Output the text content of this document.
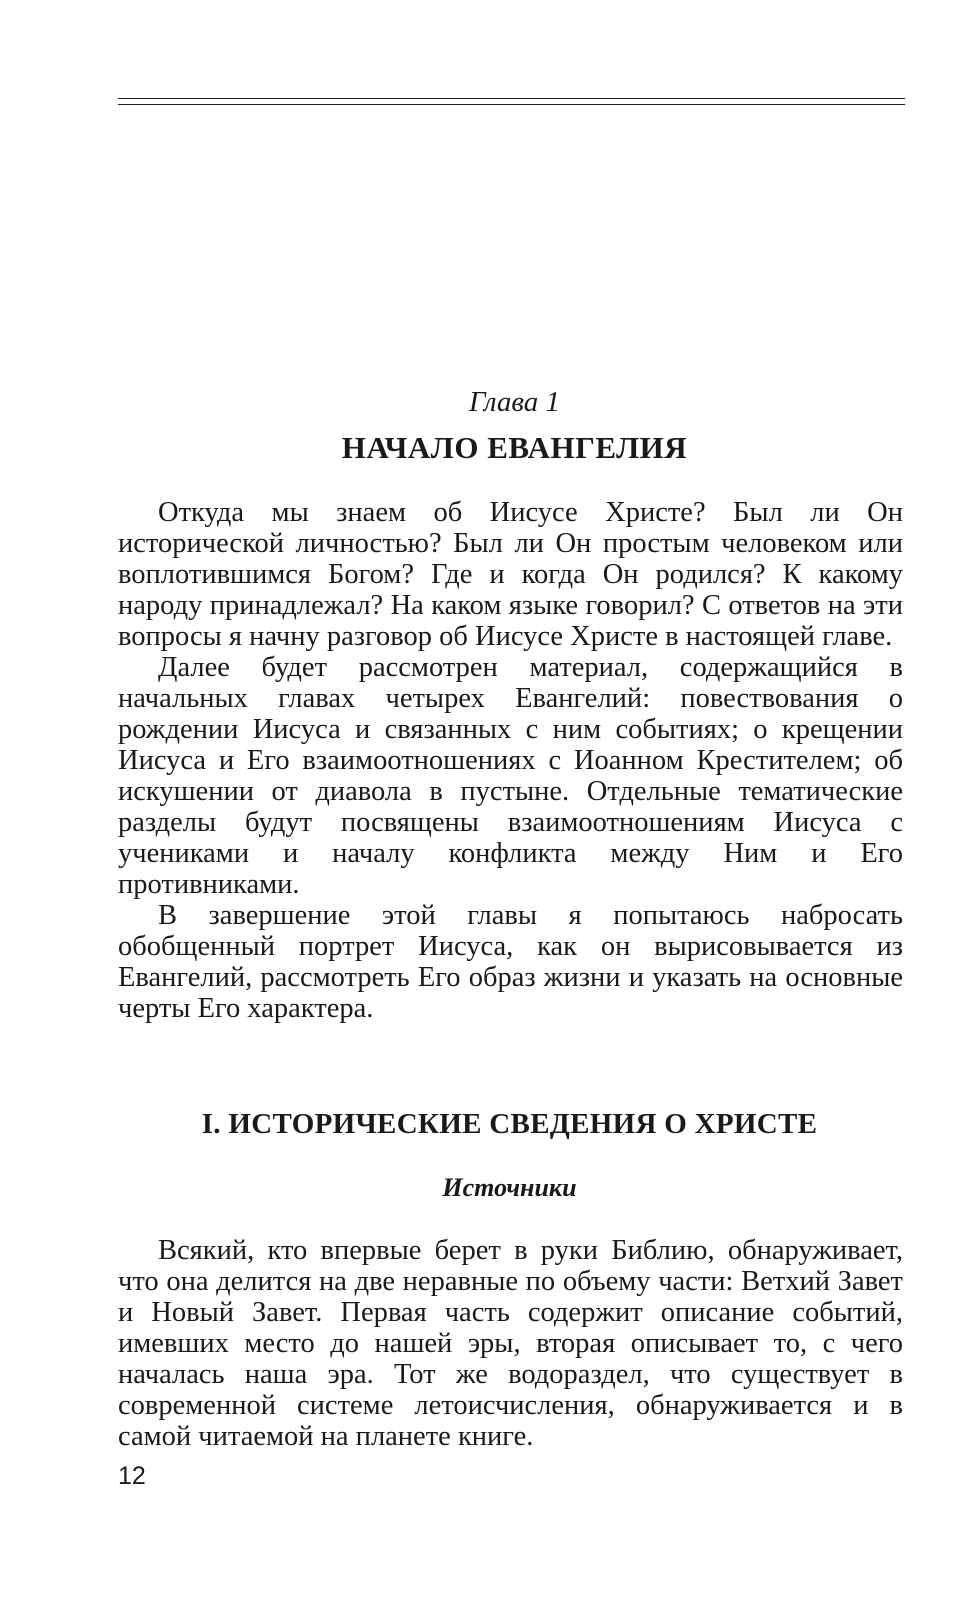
Глава 1
НАЧАЛО ЕВАНГЕЛИЯ

Откуда мы знаем об Иисусе Христе? Был ли Он исторической личностью? Был ли Он простым человеком или воплотившимся Богом? Где и когда Он родился? К какому народу принадлежал? На каком языке говорил? С ответов на эти вопросы я начну разговор об Иисусе Христе в настоящей главе.

Далее будет рассмотрен материал, содержащийся в начальных главах четырех Евангелий: повествования о рождении Иисуса и связанных с ним событиях; о крещении Иисуса и Его взаимоотношениях с Иоанном Крестителем; об искушении от диавола в пустыне. Отдельные тематические разделы будут посвящены взаимоотношениям Иисуса с учениками и началу конфликта между Ним и Его противниками.

В завершение этой главы я попытаюсь набросать обобщенный портрет Иисуса, как он вырисовывается из Евангелий, рассмотреть Его образ жизни и указать на основные черты Его характера.

I. ИСТОРИЧЕСКИЕ СВЕДЕНИЯ О ХРИСТЕ
Источники

Всякий, кто впервые берет в руки Библию, обнаруживает, что она делится на две неравные по объему части: Ветхий Завет и Новый Завет. Первая часть содержит описание событий, имевших место до нашей эры, вторая описывает то, с чего началась наша эра. Тот же водораздел, что существует в современной системе летоисчисления, обнаруживается и в самой читаемой на планете книге.

12
